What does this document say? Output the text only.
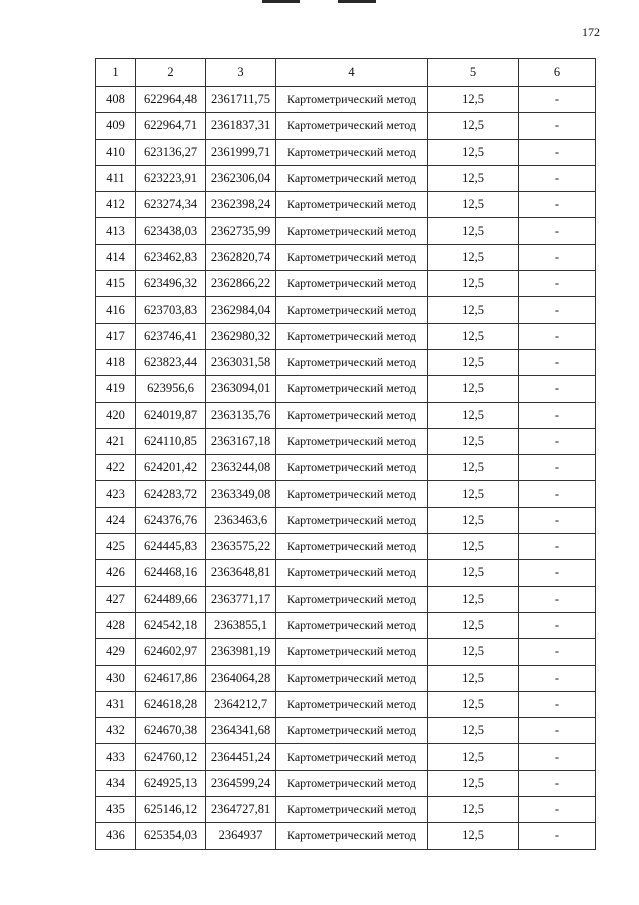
172
1	2	3	4	5	6
408	622964,48	2361711,75	Картометрический метод	12,5	-
409	622964,71	2361837,31	Картометрический метод	12,5	-
410	623136,27	2361999,71	Картометрический метод	12,5	-
411	623223,91	2362306,04	Картометрический метод	12,5	-
412	623274,34	2362398,24	Картометрический метод	12,5	-
413	623438,03	2362735,99	Картометрический метод	12,5	-
414	623462,83	2362820,74	Картометрический метод	12,5	-
415	623496,32	2362866,22	Картометрический метод	12,5	-
416	623703,83	2362984,04	Картометрический метод	12,5	-
417	623746,41	2362980,32	Картометрический метод	12,5	-
418	623823,44	2363031,58	Картометрический метод	12,5	-
419	623956,6	2363094,01	Картометрический метод	12,5	-
420	624019,87	2363135,76	Картометрический метод	12,5	-
421	624110,85	2363167,18	Картометрический метод	12,5	-
422	624201,42	2363244,08	Картометрический метод	12,5	-
423	624283,72	2363349,08	Картометрический метод	12,5	-
424	624376,76	2363463,6	Картометрический метод	12,5	-
425	624445,83	2363575,22	Картометрический метод	12,5	-
426	624468,16	2363648,81	Картометрический метод	12,5	-
427	624489,66	2363771,17	Картометрический метод	12,5	-
428	624542,18	2363855,1	Картометрический метод	12,5	-
429	624602,97	2363981,19	Картометрический метод	12,5	-
430	624617,86	2364064,28	Картометрический метод	12,5	-
431	624618,28	2364212,7	Картометрический метод	12,5	-
432	624670,38	2364341,68	Картометрический метод	12,5	-
433	624760,12	2364451,24	Картометрический метод	12,5	-
434	624925,13	2364599,24	Картометрический метод	12,5	-
435	625146,12	2364727,81	Картометрический метод	12,5	-
436	625354,03	2364937	Картометрический метод	12,5	-
